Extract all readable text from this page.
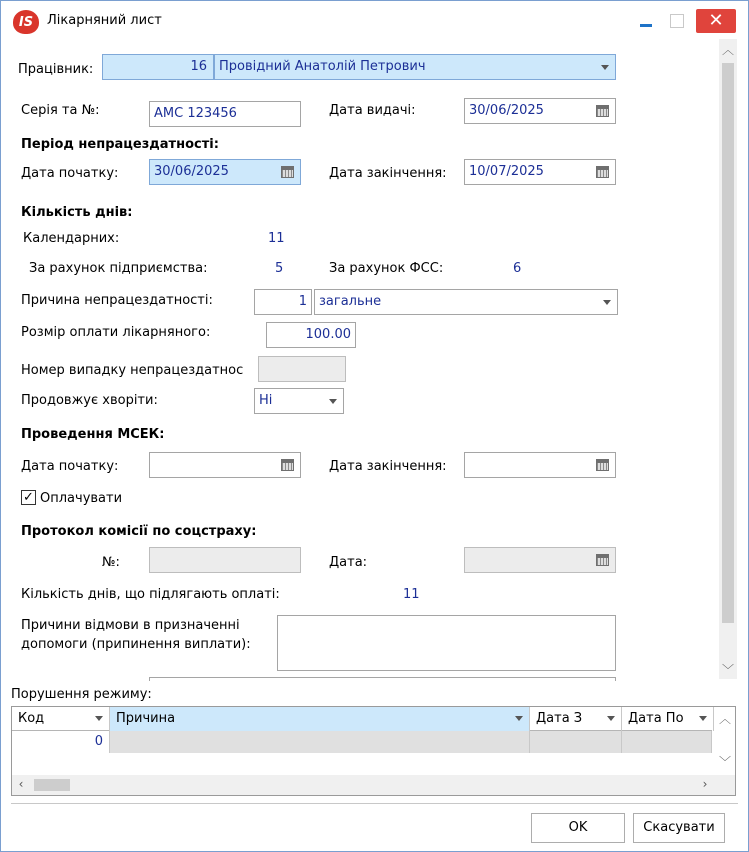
IS	Лікарняний лист	✕
Працівник:	16 Провідний Анатолій Петрович
Серія та №:	АМС 123456	Дата видачі:	30/06/2025
Період непрацездатності:
Дата початку:	30/06/2025	Дата закінчення:	10/07/2025
Кількість днів:
Календарних:	11
За рахунок підприємства:	5	За рахунок ФСС:	6
Причина непрацездатності:	1 загальне
Розмір оплати лікарняного:	100.00
Номер випадку непрацездатнос
Продовжує хворіти:	Ні
Проведення МСЕК:
Дата початку:	Дата закінчення:
✓ Оплачувати
Протокол комісії по соцстраху:
№:	Дата:
Кількість днів, що підлягають оплаті:	11
Причини відмови в призначенні
допомоги (припинення виплати):
︿
﹀
Порушення режиму:
Код	Причина	Дата З	Дата По
0
︿
﹀
‹	›
OK	Скасувати
